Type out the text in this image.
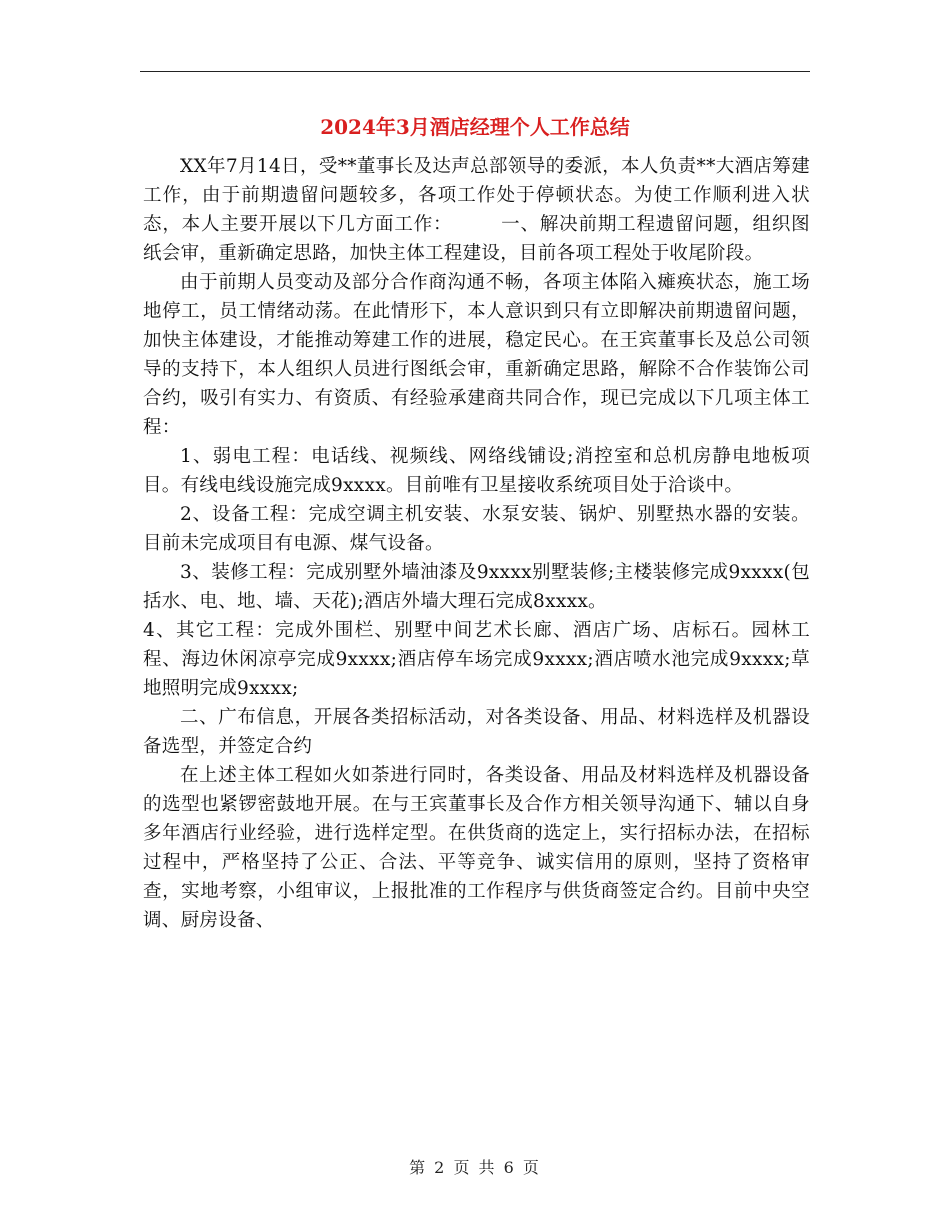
2024年3月酒店经理个人工作总结

XX年7月14日，受**董事长及达声总部领导的委派，本人负责**大酒店筹建工作，由于前期遗留问题较多，各项工作处于停顿状态。为使工作顺利进入状态，本人主要开展以下几方面工作：　　　一、解决前期工程遗留问题，组织图纸会审，重新确定思路，加快主体工程建设，目前各项工程处于收尾阶段。

由于前期人员变动及部分合作商沟通不畅，各项主体陷入瘫痪状态，施工场地停工，员工情绪动荡。在此情形下，本人意识到只有立即解决前期遗留问题，加快主体建设，才能推动筹建工作的进展，稳定民心。在王宾董事长及总公司领导的支持下，本人组织人员进行图纸会审，重新确定思路，解除不合作装饰公司合约，吸引有实力、有资质、有经验承建商共同合作，现已完成以下几项主体工程：

1、弱电工程：电话线、视频线、网络线铺设;消控室和总机房静电地板项目。有线电线设施完成9xxxx。目前唯有卫星接收系统项目处于洽谈中。

2、设备工程：完成空调主机安装、水泵安装、锅炉、别墅热水器的安装。目前未完成项目有电源、煤气设备。

3、装修工程：完成别墅外墙油漆及9xxxx别墅装修;主楼装修完成9xxxx(包括水、电、地、墙、天花);酒店外墙大理石完成8xxxx。

4、其它工程：完成外围栏、别墅中间艺术长廊、酒店广场、店标石。园林工程、海边休闲凉亭完成9xxxx;酒店停车场完成9xxxx;酒店喷水池完成9xxxx;草地照明完成9xxxx;

二、广布信息，开展各类招标活动，对各类设备、用品、材料选样及机器设备选型，并签定合约

在上述主体工程如火如荼进行同时，各类设备、用品及材料选样及机器设备的选型也紧锣密鼓地开展。在与王宾董事长及合作方相关领导沟通下、辅以自身多年酒店行业经验，进行选样定型。在供货商的选定上，实行招标办法，在招标过程中，严格坚持了公正、合法、平等竞争、诚实信用的原则，坚持了资格审查，实地考察，小组审议，上报批准的工作程序与供货商签定合约。目前中央空调、厨房设备、

第 2 页 共 6 页
